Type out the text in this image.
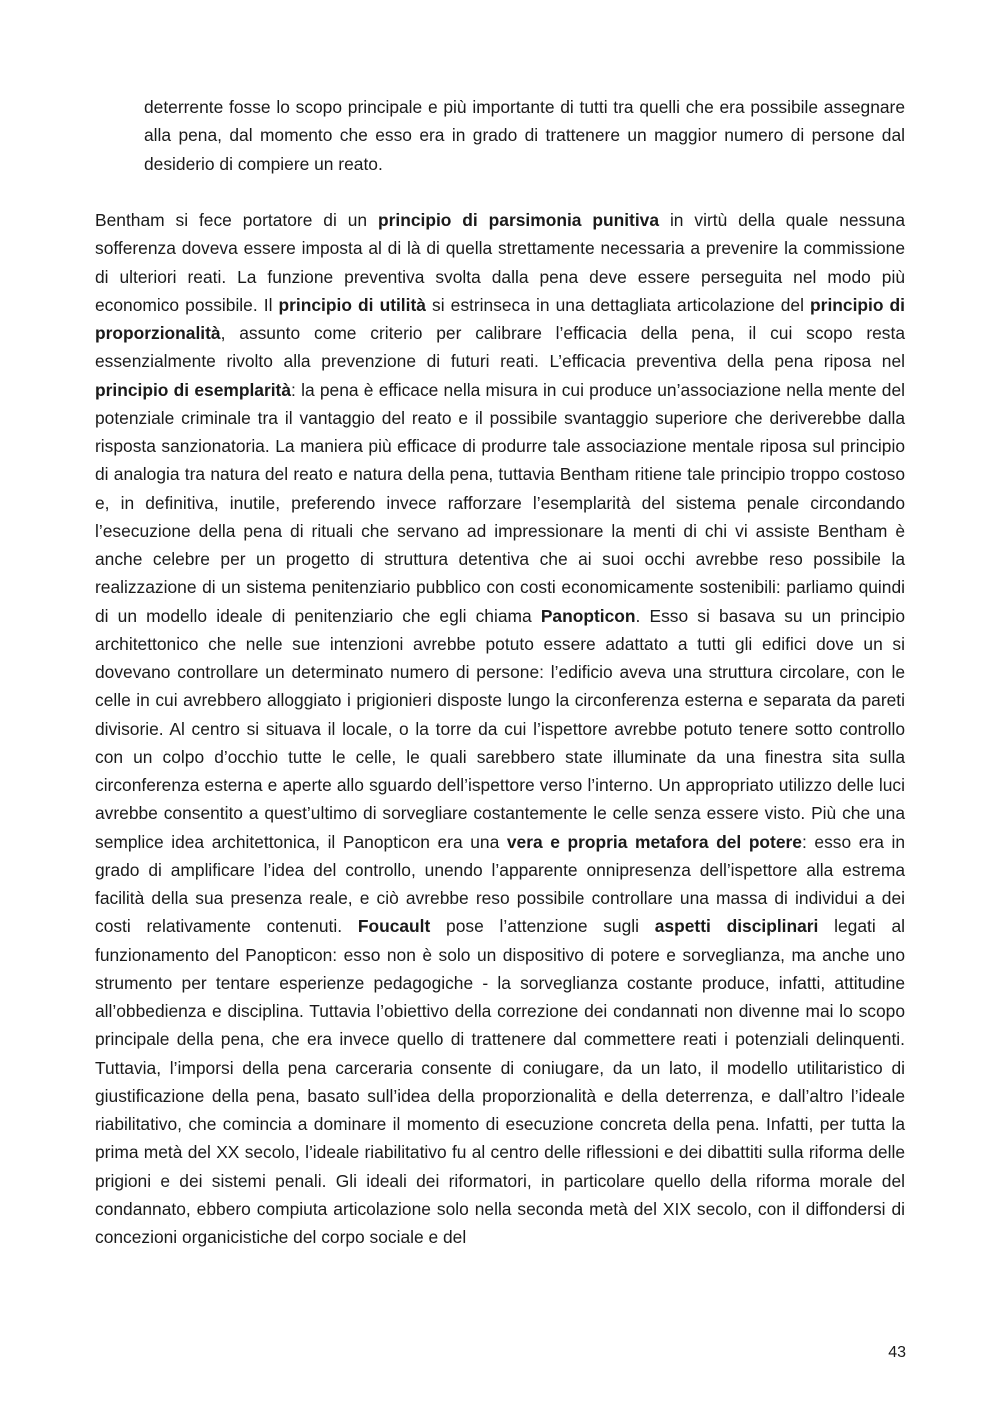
deterrente fosse lo scopo principale e più importante di tutti tra quelli che era possibile assegnare alla pena, dal momento che esso era in grado di trattenere un maggior numero di persone dal desiderio di compiere un reato.
Bentham si fece portatore di un principio di parsimonia punitiva in virtù della quale nessuna sofferenza doveva essere imposta al di là di quella strettamente necessaria a prevenire la commissione di ulteriori reati. La funzione preventiva svolta dalla pena deve essere perseguita nel modo più economico possibile. Il principio di utilità si estrinseca in una dettagliata articolazione del principio di proporzionalità, assunto come criterio per calibrare l’efficacia della pena, il cui scopo resta essenzialmente rivolto alla prevenzione di futuri reati. L’efficacia preventiva della pena riposa nel principio di esemplarità: la pena è efficace nella misura in cui produce un’associazione nella mente del potenziale criminale tra il vantaggio del reato e il possibile svantaggio superiore che deriverebbe dalla risposta sanzionatoria. La maniera più efficace di produrre tale associazione mentale riposa sul principio di analogia tra natura del reato e natura della pena, tuttavia Bentham ritiene tale principio troppo costoso e, in definitiva, inutile, preferendo invece rafforzare l’esemplarità del sistema penale circondando l’esecuzione della pena di rituali che servano ad impressionare la menti di chi vi assiste Bentham è anche celebre per un progetto di struttura detentiva che ai suoi occhi avrebbe reso possibile la realizzazione di un sistema penitenziario pubblico con costi economicamente sostenibili: parliamo quindi di un modello ideale di penitenziario che egli chiama Panopticon. Esso si basava su un principio architettonico che nelle sue intenzioni avrebbe potuto essere adattato a tutti gli edifici dove un si dovevano controllare un determinato numero di persone: l’edificio aveva una struttura circolare, con le celle in cui avrebbero alloggiato i prigionieri disposte lungo la circonferenza esterna e separata da pareti divisorie. Al centro si situava il locale, o la torre da cui l’ispettore avrebbe potuto tenere sotto controllo con un colpo d’occhio tutte le celle, le quali sarebbero state illuminate da una finestra sita sulla circonferenza esterna e aperte allo sguardo dell’ispettore verso l’interno. Un appropriato utilizzo delle luci avrebbe consentito a quest’ultimo di sorvegliare costantemente le celle senza essere visto. Più che una semplice idea architettonica, il Panopticon era una vera e propria metafora del potere: esso era in grado di amplificare l’idea del controllo, unendo l’apparente onnipresenza dell’ispettore alla estrema facilità della sua presenza reale, e ciò avrebbe reso possibile controllare una massa di individui a dei costi relativamente contenuti. Foucault pose l’attenzione sugli aspetti disciplinari legati al funzionamento del Panopticon: esso non è solo un dispositivo di potere e sorveglianza, ma anche uno strumento per tentare esperienze pedagogiche - la sorveglianza costante produce, infatti, attitudine all’obbedienza e disciplina. Tuttavia l’obiettivo della correzione dei condannati non divenne mai lo scopo principale della pena, che era invece quello di trattenere dal commettere reati i potenziali delinquenti. Tuttavia, l’imporsi della pena carceraria consente di coniugare, da un lato, il modello utilitaristico di giustificazione della pena, basato sull’idea della proporzionalità e della deterrenza, e dall’altro l’ideale riabilitativo, che comincia a dominare il momento di esecuzione concreta della pena. Infatti, per tutta la prima metà del XX secolo, l’ideale riabilitativo fu al centro delle riflessioni e dei dibattiti sulla riforma delle prigioni e dei sistemi penali. Gli ideali dei riformatori, in particolare quello della riforma morale del condannato, ebbero compiuta articolazione solo nella seconda metà del XIX secolo, con il diffondersi di concezioni organicistiche del corpo sociale e del
43
